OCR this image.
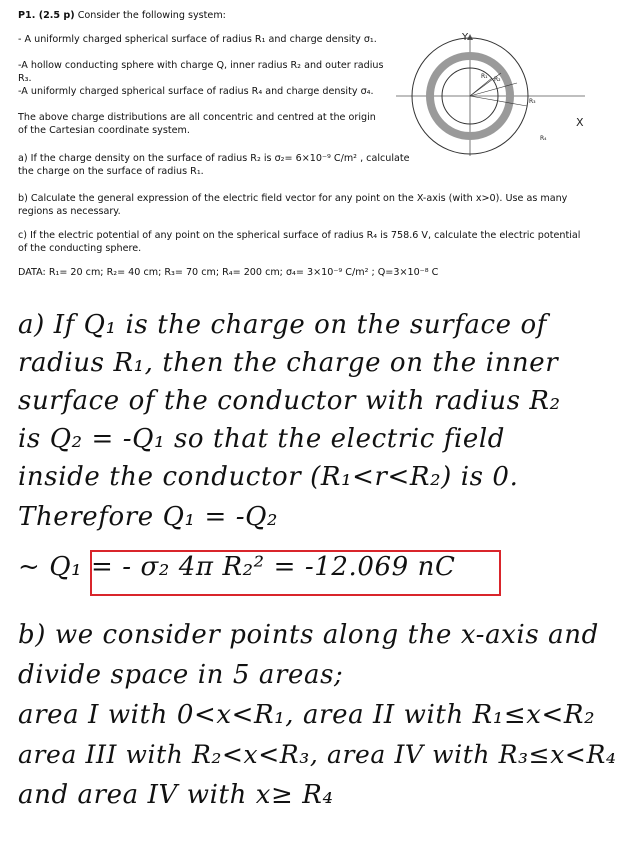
P1. (2.5 p) Consider the following system:

- A uniformly charged spherical surface of radius R₁ and charge density σ₁.

-A hollow conducting sphere with charge Q, inner radius R₂ and outer radius R₃.

-A uniformly charged spherical surface of radius R₄ and charge density σ₄.

The above charge distributions are all concentric and centred at the origin of the Cartesian coordinate system.

a) If the charge density on the surface of radius R₂ is σ₂= 6×10⁻⁹ C/m² , calculate the charge on the surface of radius R₁.

b) Calculate the general expression of the electric field vector for any point on the X-axis (with x>0). Use as many regions as necessary.

c) If the electric potential of any point on the spherical surface of radius R₄ is 758.6 V, calculate the electric potential of the conducting sphere.

DATA: R₁= 20 cm; R₂= 40 cm; R₃= 70 cm; R₄= 200 cm; σ₄= 3×10⁻⁹ C/m² ; Q=3×10⁻⁸ C

Y
X
R₁ R₂
R₃
R₄

a) If Q₁ is the charge on the surface of

radius R₁, then the charge on the inner

surface of the conductor with radius R₂

is Q₂ = -Q₁ so that the electric field

inside the conductor (R₁<r<R₂) is 0.

Therefore Q₁ = -Q₂

~ Q₁ = - σ₂ 4π R₂² = -12.069 nC

b) we consider points along the x-axis and

divide space in 5 areas;

area I with 0<x<R₁, area II with R₁≤x<R₂

area III with R₂<x<R₃, area IV with R₃≤x<R₄

and area IV with x≥ R₄
